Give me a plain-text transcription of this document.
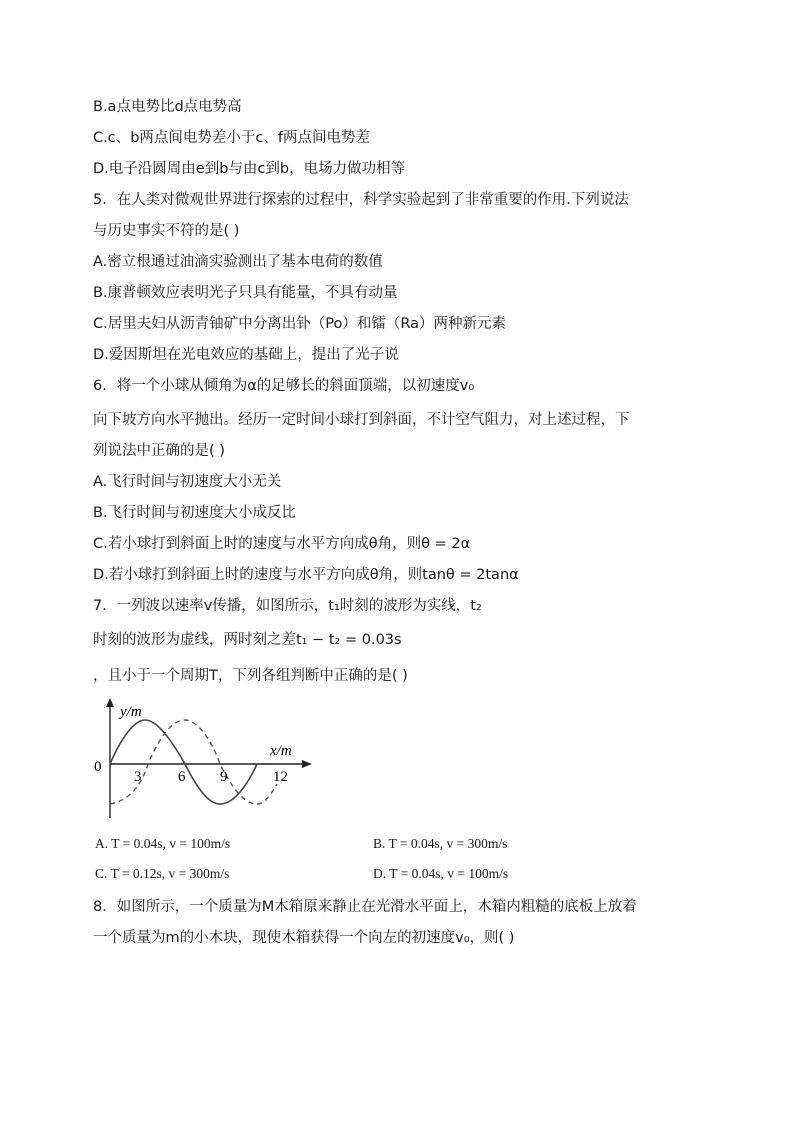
B.a点电势比d点电势高
C.c、b两点间电势差小于c、f两点间电势差
D.电子沿圆周由e到b与由c到b，电场力做功相等
5．在人类对微观世界进行探索的过程中，科学实验起到了非常重要的作用.下列说法
与历史事实不符的是( )
A.密立根通过油滴实验测出了基本电荷的数值
B.康普顿效应表明光子只具有能量，不具有动量
C.居里夫妇从沥青铀矿中分离出钋（Po）和镭（Ra）两种新元素
D.爱因斯坦在光电效应的基础上，提出了光子说
6．将一个小球从倾角为α的足够长的斜面顶端，以初速度v₀
向下坡方向水平抛出。经历一定时间小球打到斜面，不计空气阻力，对上述过程，下
列说法中正确的是( )
A.飞行时间与初速度大小无关
B.飞行时间与初速度大小成反比
C.若小球打到斜面上时的速度与水平方向成θ角，则θ = 2α
D.若小球打到斜面上时的速度与水平方向成θ角，则tanθ = 2tanα
7．一列波以速率v传播，如图所示，t₁时刻的波形为实线，t₂
时刻的波形为虚线，两时刻之差t₁ − t₂ = 0.03s
，且小于一个周期T，下列各组判断中正确的是( )
y/m
x/m
0
3 6 9	12
A. T = 0.04s, v = 100m/s	B. T = 0.04s, v = 300m/s
C. T = 0.12s, v = 300m/s	D. T = 0.04s, v = 100m/s
8．如图所示，一个质量为M木箱原来静止在光滑水平面上，木箱内粗糙的底板上放着
一个质量为m的小木块，现使木箱获得一个向左的初速度v₀，则( )
